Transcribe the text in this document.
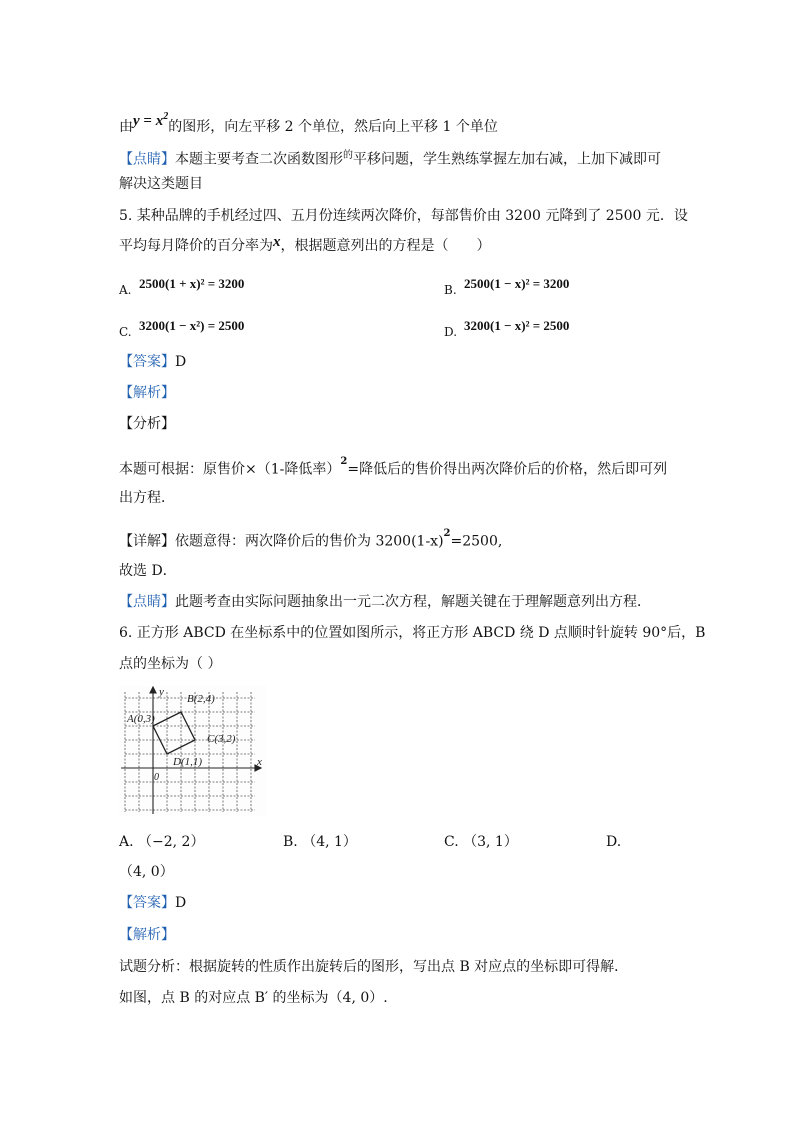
由$y = x^2$的图形，向左平移 2 个单位，然后向上平移 1 个单位
【点睛】本题主要考查二次函数图形$^的$平移问题，学生熟练掌握左加右减，上加下减即可
解决这类题目
5. 某种品牌的手机经过四、五月份连续两次降价，每部售价由 3200 元降到了 2500 元．设
平均每月降价的百分率为x，根据题意列出的方程是（　　）
A. 2500(1 + x)² = 3200	B. 2500(1 − x)² = 3200
C. 3200(1 − x²) = 2500	D. 3200(1 − x)² = 2500
【答案】D
【解析】
【分析】
本题可根据：原售价×（1-降低率）$^2$=降低后的售价得出两次降价后的价格，然后即可列
出方程．
【详解】依题意得：两次降价后的售价为 $3200(1-x)^2=2500$,
故选 D．
【点睛】此题考查由实际问题抽象出一元二次方程，解题关键在于理解题意列出方程．
6. 正方形 ABCD 在坐标系中的位置如图所示，将正方形 ABCD 绕 D 点顺时针旋转 90°后，B
点的坐标为（ ）
A(0,3)
B(2,4)
C(3,2)
D(1,1)
0
x
y
A. （−2, 2）	B. （4, 1）	C. （3, 1）	D.
（4, 0）
【答案】D
【解析】
试题分析：根据旋转的性质作出旋转后的图形，写出点 B 对应点的坐标即可得解．
如图，点 B 的对应点 B′ 的坐标为（4, 0）.
